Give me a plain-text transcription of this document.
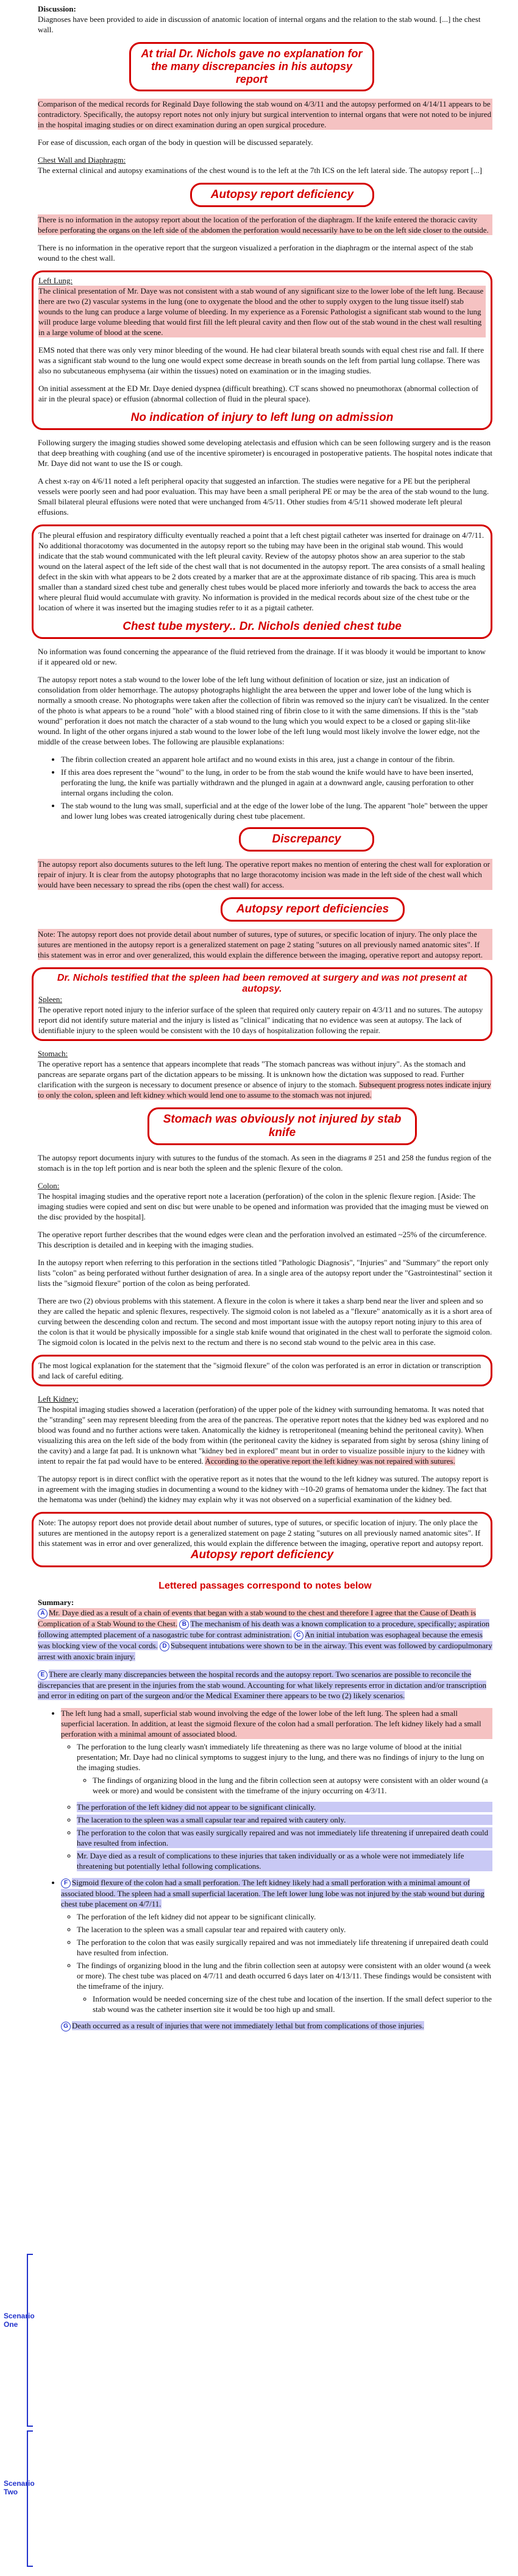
Discussion:
Diagnoses have been provided to aide in discussion of anatomic location of internal organs and the relation to the stab wound. [...] the chest wall.
At trial Dr. Nichols gave no explanation for the many discrepancies in his autopsy report
Comparison of the medical records for Reginald Daye following the stab wound on 4/3/11 and the autopsy performed on 4/14/11 appears to be contradictory. Specifically, the autopsy report notes not only injury but surgical intervention to internal organs that were not noted to be injured in the hospital imaging studies or on direct examination during an open surgical procedure.
For ease of discussion, each organ of the body in question will be discussed separately.
Chest Wall and Diaphragm:
The external clinical and autopsy examinations of the chest wound is to the left at the 7th ICS on the left lateral side. The autopsy report [...]
Autopsy report deficiency
There is no information in the autopsy report about the location of the perforation of the diaphragm. If the knife entered the thoracic cavity before perforating the organs on the left side of the abdomen the perforation would necessarily have to be on the left side closer to the outside.
There is no information in the operative report that the surgeon visualized a perforation in the diaphragm or the internal aspect of the stab wound to the chest wall.
Left Lung:
The clinical presentation of Mr. Daye was not consistent with a stab wound of any significant size to the lower lobe of the left lung. Because there are two (2) vascular systems in the lung (one to oxygenate the blood and the other to supply oxygen to the lung tissue itself) stab wounds to the lung can produce a large volume of bleeding. In my experience as a Forensic Pathologist a significant stab wound to the lung will produce large volume bleeding that would first fill the left pleural cavity and then flow out of the stab wound in the chest wall resulting in a large volume of blood at the scene.
EMS noted that there was only very minor bleeding of the wound. He had clear bilateral breath sounds with equal chest rise and fall. If there was a significant stab wound to the lung one would expect some decrease in breath sounds on the left from partial lung collapse. There was also no subcutaneous emphysema (air within the tissues) noted on examination or in the imaging studies.
On initial assessment at the ED Mr. Daye denied dyspnea (difficult breathing). CT scans showed no pneumothorax (abnormal collection of air in the pleural space) or effusion (abnormal collection of fluid in the pleural space).
No indication of injury to left lung on admission
Following surgery the imaging studies showed some developing atelectasis and effusion which can be seen following surgery and is the reason that deep breathing with coughing (and use of the incentive spirometer) is encouraged in postoperative patients. The hospital notes indicate that Mr. Daye did not want to use the IS or cough.
A chest x-ray on 4/6/11 noted a left peripheral opacity that suggested an infarction. The studies were negative for a PE but the peripheral vessels were poorly seen and had poor evaluation. This may have been a small peripheral PE or may be the area of the stab wound to the lung. Small bilateral pleural effusions were noted that were unchanged from 4/5/11. Other studies from 4/5/11 showed moderate left pleural effusions.
The pleural effusion and respiratory difficulty eventually reached a point that a left chest pigtail catheter was inserted for drainage on 4/7/11. No additional thoracotomy was documented in the autopsy report so the tubing may have been in the original stab wound. This would indicate that the stab wound communicated with the left pleural cavity. Review of the autopsy photos show an area superior to the stab wound on the lateral aspect of the left side of the chest wall that is not documented in the autopsy report. The area consists of a small healing defect in the skin with what appears to be 2 dots created by a marker that are at the approximate distance of rib spacing. This area is much smaller than a standard sized chest tube and generally chest tubes would be placed more inferiorly and towards the back to access the area where pleural fluid would accumulate with gravity. No information is provided in the medical records about size of the chest tube or the location of where it was inserted but the imaging studies refer to it as a pigtail catheter.
Chest tube mystery.. Dr. Nichols denied chest tube
No information was found concerning the appearance of the fluid retrieved from the drainage. If it was bloody it would be important to know if it appeared old or new.
The autopsy report notes a stab wound to the lower lobe of the left lung without definition of location or size, just an indication of consolidation from older hemorrhage. The autopsy photographs highlight the area between the upper and lower lobe of the lung which is normally a smooth crease. No photographs were taken after the collection of fibrin was removed so the injury can't be visualized. In the center of the photo is what appears to be a round "hole" with a blood stained ring of fibrin close to it with the same dimensions. If this is the "stab wound" perforation it does not match the character of a stab wound to the lung which you would expect to be a closed or gaping slit-like wound. In light of the other organs injured a stab wound to the lower lobe of the left lung would most likely involve the lower edge, not the middle of the crease between lobes. The following are plausible explanations:
• The fibrin collection created an apparent hole artifact and no wound exists in this area, just a change in contour of the fibrin.
• If this area does represent the "wound" to the lung, in order to be from the stab wound the knife would have to have been inserted, perforating the lung, the knife was partially withdrawn and the plunged in again at a downward angle, causing perforation to other internal organs including the colon.
• The stab wound to the lung was small, superficial and at the edge of the lower lobe of the lung. The apparent "hole" between the upper and lower lung lobes was created iatrogenically during chest tube placement.
Discrepancy
The autopsy report also documents sutures to the left lung. The operative report makes no mention of entering the chest wall for exploration or repair of injury. It is clear from the autopsy photographs that no large thoracotomy incision was made in the left side of the chest wall which would have been necessary to spread the ribs (open the chest wall) for access.
Autopsy report deficiencies
Note: The autopsy report does not provide detail about number of sutures, type of sutures, or specific location of injury. The only place the sutures are mentioned in the autopsy report is a generalized statement on page 2 stating "sutures on all previously named anatomic sites". If this statement was in error and over generalized, this would explain the difference between the imaging, operative report and autopsy report.
Dr. Nichols testified that the spleen had been removed at surgery and was not present at autopsy.
Spleen:
The operative report noted injury to the inferior surface of the spleen that required only cautery repair on 4/3/11 and no sutures. The autopsy report did not identify suture material and the injury is listed as "clinical" indicating that no evidence was seen at autopsy. The lack of identifiable injury to the spleen would be consistent with the 10 days of hospitalization following the repair.
Stomach:
The operative report has a sentence that appears incomplete that reads "The stomach pancreas was without injury". As the stomach and pancreas are separate organs part of the dictation appears to be missing. It is unknown how the dictation was supposed to read. Further clarification with the surgeon is necessary to document presence or absence of injury to the stomach. Subsequent progress notes indicate injury to only the colon, spleen and left kidney which would lend one to assume to the stomach was not injured.
Stomach was obviously not injured by stab knife
The autopsy report documents injury with sutures to the fundus of the stomach. As seen in the diagrams # 251 and 258 the fundus region of the stomach is in the top left portion and is near both the spleen and the splenic flexure of the colon.
Colon:
The hospital imaging studies and the operative report note a laceration (perforation) of the colon in the splenic flexure region. [Aside: The imaging studies were copied and sent on disc but were unable to be opened and information was provided that the imaging must be viewed on the disc provided by the hospital].
The operative report further describes that the wound edges were clean and the perforation involved an estimated ~25% of the circumference. This description is detailed and in keeping with the imaging studies.
In the autopsy report when referring to this perforation in the sections titled "Pathologic Diagnosis", "Injuries" and "Summary" the report only lists "colon" as being perforated without further designation of area. In a single area of the autopsy report under the "Gastrointestinal" section it lists the "sigmoid flexure" portion of the colon as being perforated.
There are two (2) obvious problems with this statement. A flexure in the colon is where it takes a sharp bend near the liver and spleen and so they are called the hepatic and splenic flexures, respectively. The sigmoid colon is not labeled as a "flexure" anatomically as it is a short area of curving between the descending colon and rectum. The second and most important issue with the autopsy report noting injury to this area of the colon is that it would be physically impossible for a single stab knife wound that originated in the chest wall to perforate the sigmoid colon. The sigmoid colon is located in the pelvis next to the rectum and there is no second stab wound to the pelvic area in this case.
The most logical explanation for the statement that the "sigmoid flexure" of the colon was perforated is an error in dictation or transcription and lack of careful editing.
Left Kidney:
The hospital imaging studies showed a laceration (perforation) of the upper pole of the kidney with surrounding hematoma. It was noted that the "stranding" seen may represent bleeding from the area of the pancreas. The operative report notes that the kidney bed was explored and no blood was found and no further actions were taken. Anatomically the kidney is retroperitoneal (meaning behind the peritoneal cavity). When visualizing this area on the left side of the body from within (the peritoneal cavity the kidney is separated from sight by serosa (shiny lining of the cavity) and a large fat pad. It is unknown what "kidney bed in explored" meant but in order to visualize possible injury to the kidney with intent to repair the fat pad would have to be entered. According to the operative report the left kidney was not repaired with sutures.
The autopsy report is in direct conflict with the operative report as it notes that the wound to the left kidney was sutured. The autopsy report is in agreement with the imaging studies in documenting a wound to the kidney with ~10-20 grams of hematoma under the kidney. The fact that the hematoma was under (behind) the kidney may explain why it was not observed on a superficial examination of the kidney bed.
Note: The autopsy report does not provide detail about number of sutures, type of sutures, or specific location of injury. The only place the sutures are mentioned in the autopsy report is a generalized statement on page 2 stating "sutures on all previously named anatomic sites". If this statement was in error and over generalized, this would explain the difference between the imaging, operative report and autopsy report.
Autopsy report deficiency
Lettered passages correspond to notes below
Summary:
A Mr. Daye died as a result of a chain of events that began with a stab wound to the chest and therefore I agree that the Cause of Death is Complication of a Stab Wound to the Chest. B The mechanism of his death was a known complication to a procedure, specifically; aspiration following attempted placement of a nasogastric tube for contrast administration. C An initial intubation was esophageal because the emesis was blocking view of the vocal cords. D Subsequent intubations were shown to be in the airway. This event was followed by cardiopulmonary arrest with anoxic brain injury.
E There are clearly many discrepancies between the hospital records and the autopsy report. Two scenarios are possible to reconcile the discrepancies that are present in the injuries from the stab wound. Accounting for what likely represents error in dictation and/or transcription and error in editing on part of the surgeon and/or the Medical Examiner there appears to be two (2) likely scenarios.
• The left lung had a small, superficial stab wound involving the edge of the lower lobe of the left lung. The spleen had a small superficial laceration. In addition, at least the sigmoid flexure of the colon had a small perforation. The left kidney likely had a small perforation with a minimal amount of associated blood.
◦ The perforation to the lung clearly wasn't immediately life threatening as there was no large volume of blood at the initial presentation; Mr. Daye had no clinical symptoms to suggest injury to the lung, and there was no findings of injury to the lung on the imaging studies.
◦ The findings of organizing blood in the lung and the fibrin collection seen at autopsy were consistent with an older wound (a week or more) and would be consistent with the timeframe of the injury occurring on 4/3/11.
◦ The perforation of the left kidney did not appear to be significant clinically.
◦ The laceration to the spleen was a small capsular tear and repaired with cautery only.
◦ The perforation to the colon that was easily surgically repaired and was not immediately life threatening if unrepaired death could have resulted from infection.
◦ Mr. Daye died as a result of complications to these injuries that taken individually or as a whole were not immediately life threatening but potentially lethal following complications.
• F Sigmoid flexure of the colon had a small perforation. The left kidney likely had a small perforation with a minimal amount of associated blood. The spleen had a small superficial laceration. The left lower lung lobe was not injured by the stab wound but during chest tube placement on 4/7/11.
◦ The perforation of the left kidney did not appear to be significant clinically.
◦ The laceration to the spleen was a small capsular tear and repaired with cautery only.
◦ The perforation to the colon that was easily surgically repaired and was not immediately life threatening if unrepaired death could have resulted from infection.
◦ The findings of organizing blood in the lung and the fibrin collection seen at autopsy were consistent with an older wound (a week or more). The chest tube was placed on 4/7/11 and death occurred 6 days later on 4/13/11. These findings would be consistent with the timeframe of the injury.
◦ Information would be needed concerning size of the chest tube and location of the insertion. If the small defect superior to the stab wound was the catheter insertion site it would be too high up and small.
G Death occurred as a result of injuries that were not immediately lethal but from complications of those injuries.
Scenario One
Scenario Two
